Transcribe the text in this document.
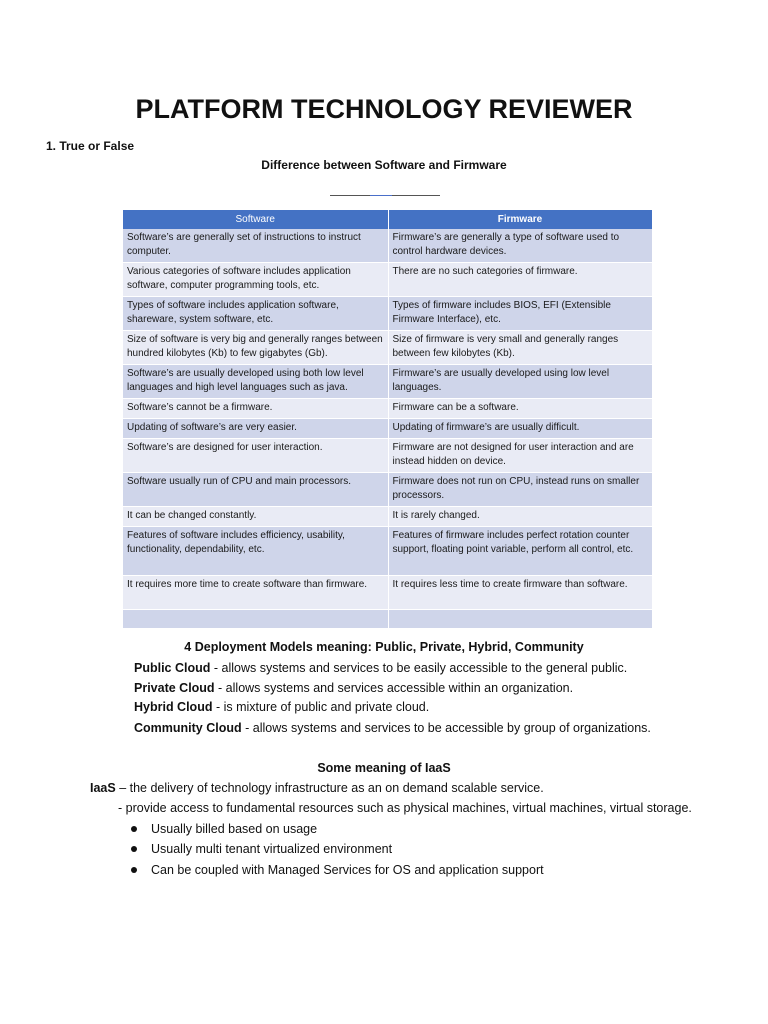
PLATFORM TECHNOLOGY REVIEWER
1. True or False
Difference between Software and Firmware
Software	Firmware
Software’s are generally set of instructions to instruct computer.	Firmware’s are generally a type of software used to control hardware devices.
Various categories of software includes application software, computer programming tools, etc.	There are no such categories of firmware.
Types of software includes application software, shareware, system software, etc.	Types of firmware includes BIOS, EFI (Extensible Firmware Interface), etc.
Size of software is very big and generally ranges between hundred kilobytes (Kb) to few gigabytes (Gb).	Size of firmware is very small and generally ranges between few kilobytes (Kb).
Software’s are usually developed using both low level languages and high level languages such as java.	Firmware’s are usually developed using low level languages.
Software’s cannot be a firmware.	Firmware can be a software.
Updating of software’s are very easier.	Updating of firmware’s are usually difficult.
Software’s are designed for user interaction.	Firmware are not designed for user interaction and are instead hidden on device.
Software usually run of CPU and main processors.	Firmware does not run on CPU, instead runs on smaller processors.
It can be changed constantly.	It is rarely changed.
Features of software includes efficiency, usability, functionality, dependability, etc.	Features of firmware includes perfect rotation counter support, floating point variable, perform all control, etc.
It requires more time to create software than firmware.	It requires less time to create firmware than software.

4 Deployment Models meaning: Public, Private, Hybrid, Community
Public Cloud - allows systems and services to be easily accessible to the general public.
Private Cloud - allows systems and services accessible within an organization.
Hybrid Cloud - is mixture of public and private cloud.
Community Cloud - allows systems and services to be accessible by group of organizations.
Some meaning of IaaS
IaaS – the delivery of technology infrastructure as an on demand scalable service.
- provide access to fundamental resources such as physical machines, virtual machines, virtual storage.
Usually billed based on usage
Usually multi tenant virtualized environment
Can be coupled with Managed Services for OS and application support
